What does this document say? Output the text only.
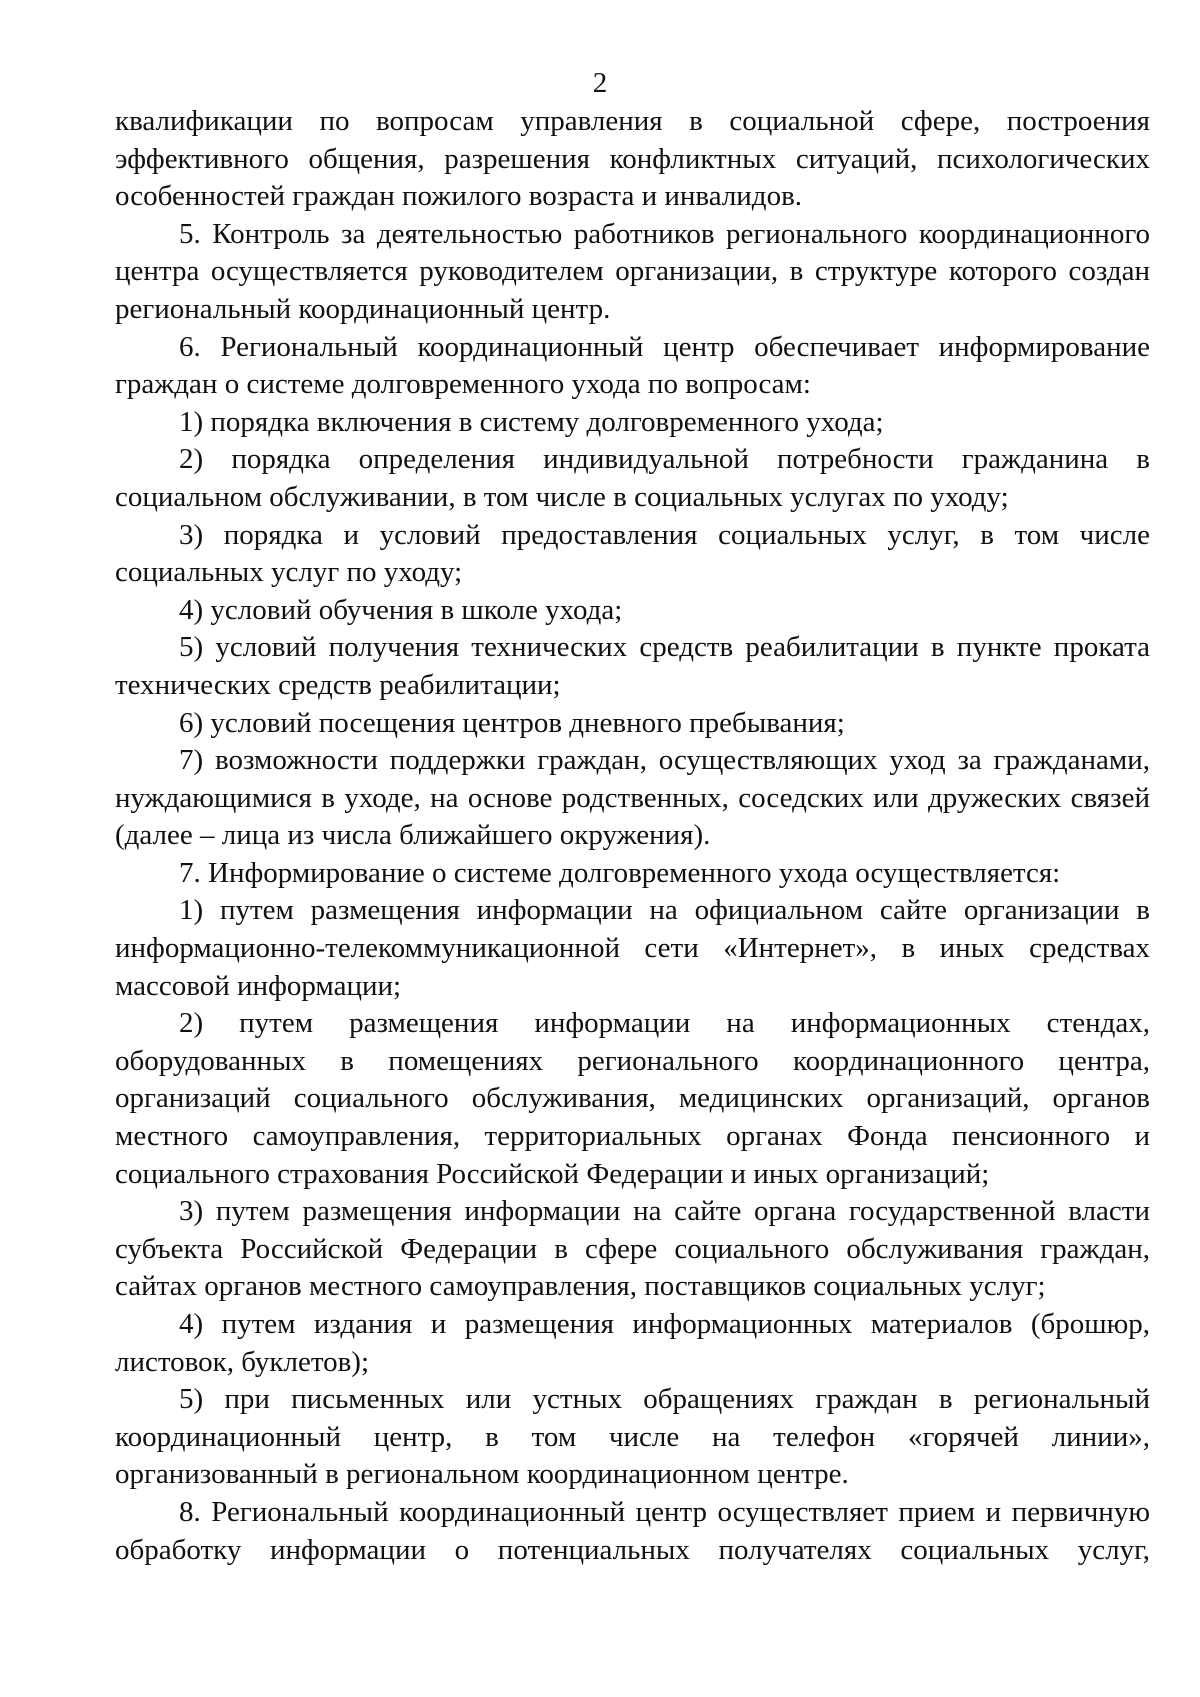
2

квалификации по вопросам управления в социальной сфере, построения эффективного общения, разрешения конфликтных ситуаций, психологических особенностей граждан пожилого возраста и инвалидов.

5. Контроль за деятельностью работников регионального координационного центра осуществляется руководителем организации, в структуре которого создан региональный координационный центр.

6. Региональный координационный центр обеспечивает информирование граждан о системе долговременного ухода по вопросам:

1) порядка включения в систему долговременного ухода;

2) порядка определения индивидуальной потребности гражданина в социальном обслуживании, в том числе в социальных услугах по уходу;

3) порядка и условий предоставления социальных услуг, в том числе социальных услуг по уходу;

4) условий обучения в школе ухода;

5) условий получения технических средств реабилитации в пункте проката технических средств реабилитации;

6) условий посещения центров дневного пребывания;

7) возможности поддержки граждан, осуществляющих уход за гражданами, нуждающимися в уходе, на основе родственных, соседских или дружеских связей (далее – лица из числа ближайшего окружения).

7. Информирование о системе долговременного ухода осуществляется:

1) путем размещения информации на официальном сайте организации в информационно-телекоммуникационной сети «Интернет», в иных средствах массовой информации;

2) путем размещения информации на информационных стендах, оборудованных в помещениях регионального координационного центра, организаций социального обслуживания, медицинских организаций, органов местного самоуправления, территориальных органах Фонда пенсионного и социального страхования Российской Федерации и иных организаций;

3) путем размещения информации на сайте органа государственной власти субъекта Российской Федерации в сфере социального обслуживания граждан, сайтах органов местного самоуправления, поставщиков социальных услуг;

4) путем издания и размещения информационных материалов (брошюр, листовок, буклетов);

5) при письменных или устных обращениях граждан в региональный координационный центр, в том числе на телефон «горячей линии», организованный в региональном координационном центре.

8. Региональный координационный центр осуществляет прием и первичную обработку информации о потенциальных получателях социальных услуг,
